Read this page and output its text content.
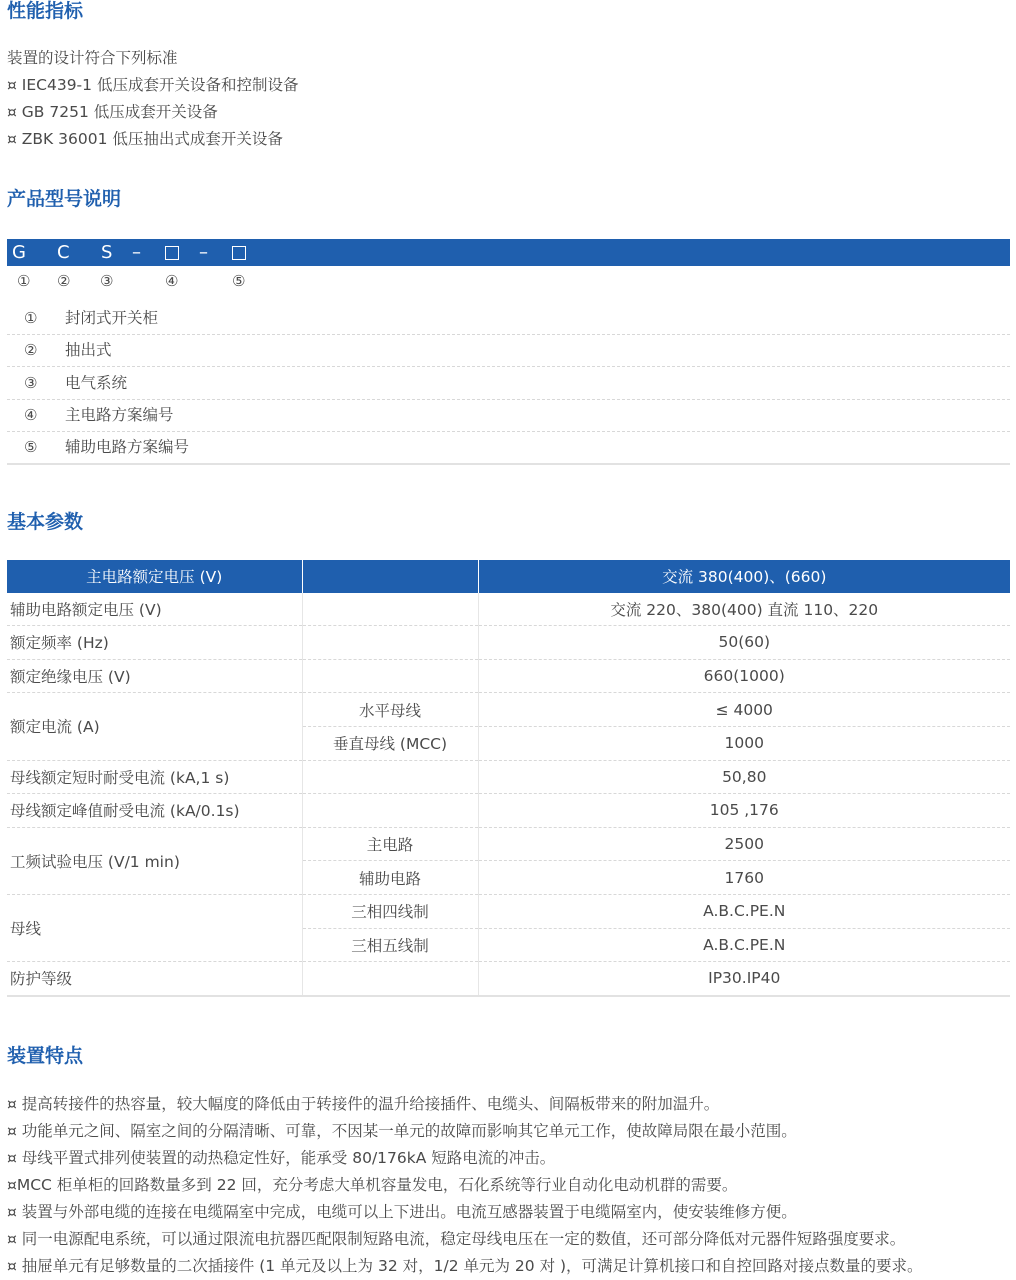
性能指标
装置的设计符合下列标准
¤ IEC439-1 低压成套开关设备和控制设备
¤ GB 7251 低压成套开关设备
¤ ZBK 36001 低压抽出式成套开关设备
产品型号说明
G C S –	–
① ② ③	④	⑤
① 封闭式开关柜
② 抽出式
③ 电气系统
④ 主电路方案编号
⑤ 辅助电路方案编号
基本参数
主电路额定电压 (V)		交流 380(400)、(660)
辅助电路额定电压 (V)		交流 220、380(400) 直流 110、220
额定频率 (Hz)		50(60)
额定绝缘电压 (V)		660(1000)
额定电流 (A)	水平母线	≤ 4000
	垂直母线 (MCC)	1000
母线额定短时耐受电流 (kA,1 s)		50,80
母线额定峰值耐受电流 (kA/0.1s)		105 ,176
工频试验电压 (V/1 min)	主电路	2500
	辅助电路	1760
母线	三相四线制	A.B.C.PE.N
	三相五线制	A.B.C.PE.N
防护等级		IP30.IP40
装置特点
¤ 提高转接件的热容量，较大幅度的降低由于转接件的温升给接插件、电缆头、间隔板带来的附加温升。
¤ 功能单元之间、隔室之间的分隔清晰、可靠，不因某一单元的故障而影响其它单元工作，使故障局限在最小范围。
¤ 母线平置式排列使装置的动热稳定性好，能承受 80/176kA 短路电流的冲击。
¤MCC 柜单柜的回路数量多到 22 回，充分考虑大单机容量发电，石化系统等行业自动化电动机群的需要。
¤ 装置与外部电缆的连接在电缆隔室中完成，电缆可以上下进出。电流互感器装置于电缆隔室内，使安装维修方便。
¤ 同一电源配电系统，可以通过限流电抗器匹配限制短路电流，稳定母线电压在一定的数值，还可部分降低对元器件短路强度要求。
¤ 抽屉单元有足够数量的二次插接件 (1 单元及以上为 32 对，1/2 单元为 20 对 )，可满足计算机接口和自控回路对接点数量的要求。
